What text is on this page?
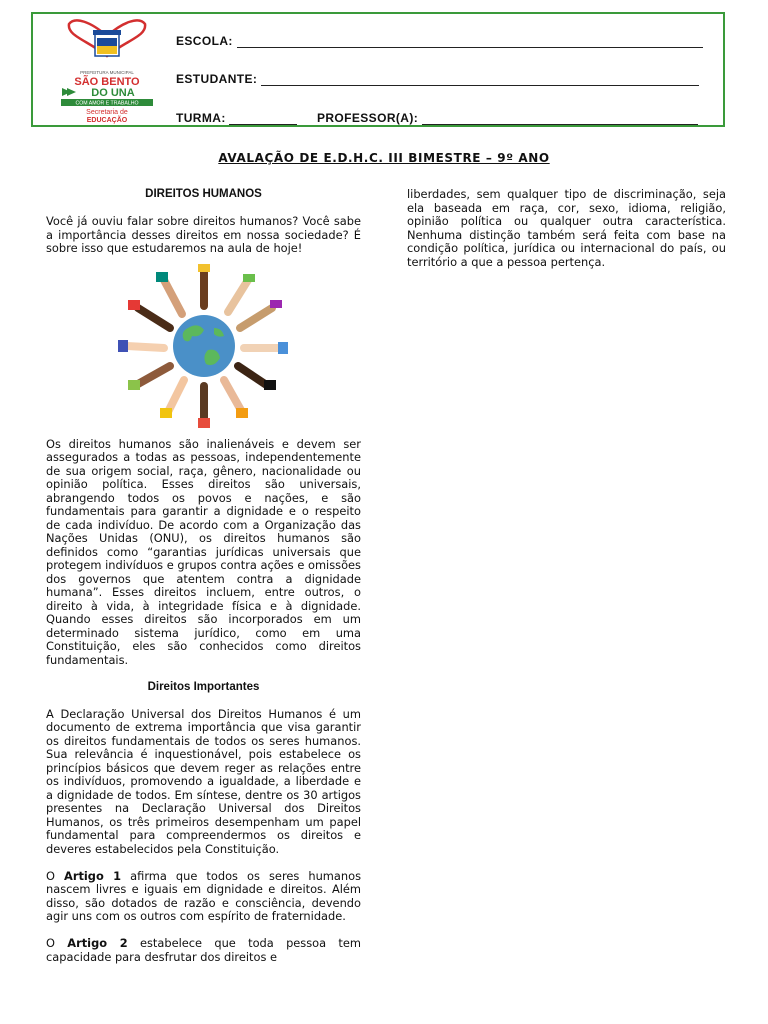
PREFEITURA MUNICIPAL
SÃO BENTO
DO UNA
COM AMOR E TRABALHO
Secretaria de
EDUCAÇÃO
ESCOLA:
ESTUDANTE:
TURMA:	PROFESSOR(A):
AVALAÇÃO DE E.D.H.C. III BIMESTRE – 9º ANO

DIREITOS HUMANOS

Você já ouviu falar sobre direitos humanos? Você sabe a importância desses direitos em nossa sociedade? É sobre isso que estudaremos na aula de hoje!

Os direitos humanos são inalienáveis e devem ser assegurados a todas as pessoas, independentemente de sua origem social, raça, gênero, nacionalidade ou opinião política. Esses direitos são universais, abrangendo todos os povos e nações, e são fundamentais para garantir a dignidade e o respeito de cada indivíduo. De acordo com a Organização das Nações Unidas (ONU), os direitos humanos são definidos como “garantias jurídicas universais que protegem indivíduos e grupos contra ações e omissões dos governos que atentem contra a dignidade humana”. Esses direitos incluem, entre outros, o direito à vida, à integridade física e à dignidade. Quando esses direitos são incorporados em um determinado sistema jurídico, como em uma Constituição, eles são conhecidos como direitos fundamentais.

Direitos Importantes

A Declaração Universal dos Direitos Humanos é um documento de extrema importância que visa garantir os direitos fundamentais de todos os seres humanos. Sua relevância é inquestionável, pois estabelece os princípios básicos que devem reger as relações entre os indivíduos, promovendo a igualdade, a liberdade e a dignidade de todos. Em síntese, dentre os 30 artigos presentes na Declaração Universal dos Direitos Humanos, os três primeiros desempenham um papel fundamental para compreendermos os direitos e deveres estabelecidos pela Constituição.

O Artigo 1 afirma que todos os seres humanos nascem livres e iguais em dignidade e direitos. Além disso, são dotados de razão e consciência, devendo agir uns com os outros com espírito de fraternidade.

O Artigo 2 estabelece que toda pessoa tem capacidade para desfrutar dos direitos e

liberdades, sem qualquer tipo de discriminação, seja ela baseada em raça, cor, sexo, idioma, religião, opinião política ou qualquer outra característica. Nenhuma distinção também será feita com base na condição política, jurídica ou internacional do país, ou território a que a pessoa pertença.
